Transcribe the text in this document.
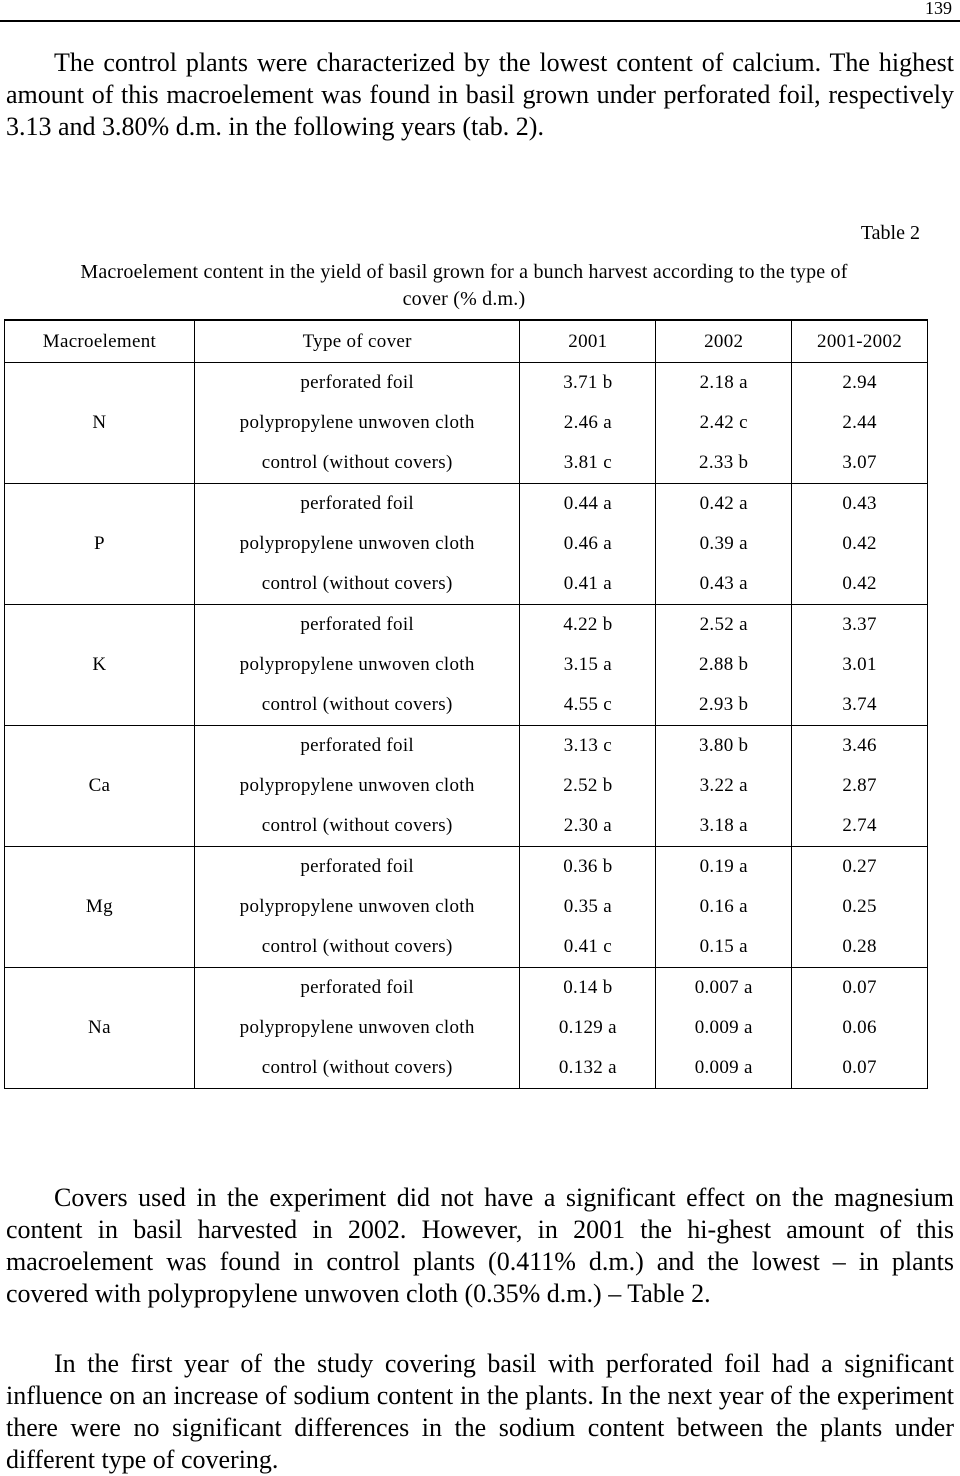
139

The control plants were characterized by the lowest content of calcium. The highest amount of this macroelement was found in basil grown under perforated foil, respectively 3.13 and 3.80% d.m. in the following years (tab. 2).

Table 2
Macroelement content in the yield of basil grown for a bunch harvest according to the type of cover (% d.m.)
Macroelement	Type of cover	2001	2002	2001-2002
N	perforated foil	3.71 b	2.18 a	2.94
	polypropylene unwoven cloth	2.46 a	2.42 c	2.44
	control (without covers)	3.81 c	2.33 b	3.07
P	perforated foil	0.44 a	0.42 a	0.43
	polypropylene unwoven cloth	0.46 a	0.39 a	0.42
	control (without covers)	0.41 a	0.43 a	0.42
K	perforated foil	4.22 b	2.52 a	3.37
	polypropylene unwoven cloth	3.15 a	2.88 b	3.01
	control (without covers)	4.55 c	2.93 b	3.74
Ca	perforated foil	3.13 c	3.80 b	3.46
	polypropylene unwoven cloth	2.52 b	3.22 a	2.87
	control (without covers)	2.30 a	3.18 a	2.74
Mg	perforated foil	0.36 b	0.19 a	0.27
	polypropylene unwoven cloth	0.35 a	0.16 a	0.25
	control (without covers)	0.41 c	0.15 a	0.28
Na	perforated foil	0.14 b	0.007 a	0.07
	polypropylene unwoven cloth	0.129 a	0.009 a	0.06
	control (without covers)	0.132 a	0.009 a	0.07

Covers used in the experiment did not have a significant effect on the magnesium content in basil harvested in 2002. However, in 2001 the hi-ghest amount of this macroelement was found in control plants (0.411% d.m.) and the lowest – in plants covered with polypropylene unwoven cloth (0.35% d.m.) – Table 2.

In the first year of the study covering basil with perforated foil had a significant influence on an increase of sodium content in the plants. In the next year of the experiment there were no significant differences in the sodium content between the plants under different type of covering.
